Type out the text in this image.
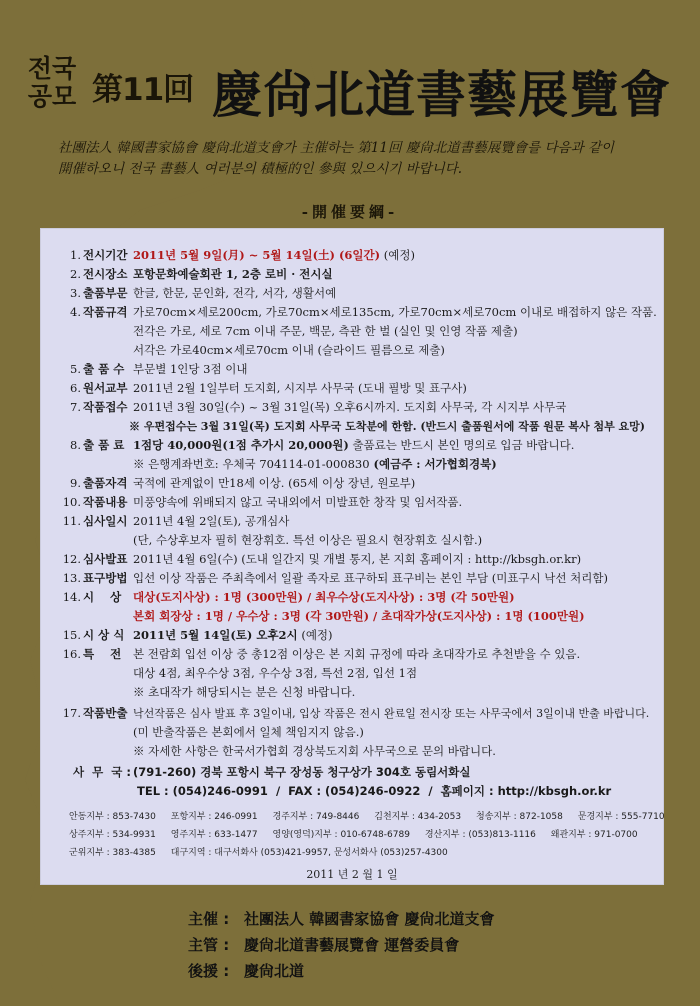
전국
공모 第11回 慶尙北道書藝展覽會
社團法人 韓國書家協會 慶尙北道支會가 主催하는 第11回 慶尙北道書藝展覽會를 다음과 같이
開催하오니 전국 書藝人 여러분의 積極的인 參與 있으시기 바랍니다.
-開催要綱-
1. 전시기간 2011년 5월 9일(月) ~ 5월 14일(土) (6일간) (예정)
2. 전시장소 포항문화예술회관 1, 2층 로비 · 전시실
3. 출품부문 한글, 한문, 문인화, 전각, 서각, 생활서예
4. 작품규격 가로70cm×세로200cm, 가로70cm×세로135cm, 가로70cm×세로70cm 이내로 배접하지 않은 작품.
전각은 가로, 세로 7cm 이내 주문, 백문, 측관 한 벌 (실인 및 인영 작품 제출)
서각은 가로40cm×세로70cm 이내 (슬라이드 필름으로 제출)
5. 출 품 수 부문별 1인당 3점 이내
6. 원서교부 2011년 2월 1일부터 도지회, 시지부 사무국 (도내 필방 및 표구사)
7. 작품접수 2011년 3월 30일(수) ~ 3월 31일(목) 오후6시까지. 도지회 사무국, 각 시지부 사무국
※ 우편접수는 3월 31일(목) 도지회 사무국 도착분에 한함. (반드시 출품원서에 작품 원문 복사 첨부 요망)
8. 출 품 료 1점당 40,000원(1점 추가시 20,000원) 출품료는 반드시 본인 명의로 입금 바랍니다.
※ 은행계좌번호: 우체국 704114-01-000830 (예금주 : 서가협회경북)
9. 출품자격 국적에 관계없이 만18세 이상. (65세 이상 장년, 원로부)
10. 작품내용 미풍양속에 위배되지 않고 국내외에서 미발표한 창작 및 임서작품.
11. 심사일시 2011년 4월 2일(토), 공개심사
(단, 수상후보자 필히 현장휘호. 특선 이상은 필요시 현장휘호 실시함.)
12. 심사발표 2011년 4월 6일(수) (도내 일간지 및 개별 통지, 본 지회 홈페이지 : http://kbsgh.or.kr)
13. 표구방법 입선 이상 작품은 주최측에서 일괄 족자로 표구하되 표구비는 본인 부담 (미표구시 낙선 처리함)
14. 시    상 대상(도지사상) : 1명 (300만원) / 최우수상(도지사상) : 3명 (각 50만원)
본회 회장상 : 1명 / 우수상 : 3명 (각 30만원) / 초대작가상(도지사상) : 1명 (100만원)
15. 시 상 식 2011년 5월 14일(토) 오후2시 (예정)
16. 특    전 본 전람회 입선 이상 중 총12점 이상은 본 지회 규정에 따라 초대작가로 추천받을 수 있음.
대상 4점, 최우수상 3점, 우수상 3점, 특선 2점, 입선 1점
※ 초대작가 해당되시는 분은 신청 바랍니다.
17. 작품반출 낙선작품은 심사 발표 후 3일이내, 입상 작품은 전시 완료일 전시장 또는 사무국에서 3일이내 반출 바랍니다.
(미 반출작품은 본회에서 일체 책임지지 않음.)
※ 자세한 사항은 한국서가협회 경상북도지회 사무국으로 문의 바랍니다.
사  무  국 : (791-260) 경북 포항시 북구 장성동 청구상가 304호 동림서화실
TEL : (054)246-0991  /  FAX : (054)246-0922  /  홈페이지 : http://kbsgh.or.kr
안동지부 : 853-7430 포항지부 : 246-0991 경주지부 : 749-8446 김천지부 : 434-2053 청송지부 : 872-1058 문경지부 : 555-7710
상주지부 : 534-9931 영주지부 : 633-1477 영양(영덕)지부 : 010-6748-6789 경산지부 : (053)813-1116 왜관지부 : 971-0700
군위지부 : 383-4385 대구지역 : 대구서화사 (053)421-9957, 문성서화사 (053)257-4300
2011 년 2 월 1 일
主催 : 社團法人 韓國書家協會 慶尙北道支會
主管 : 慶尙北道書藝展覽會 運營委員會
後援 : 慶尙北道
